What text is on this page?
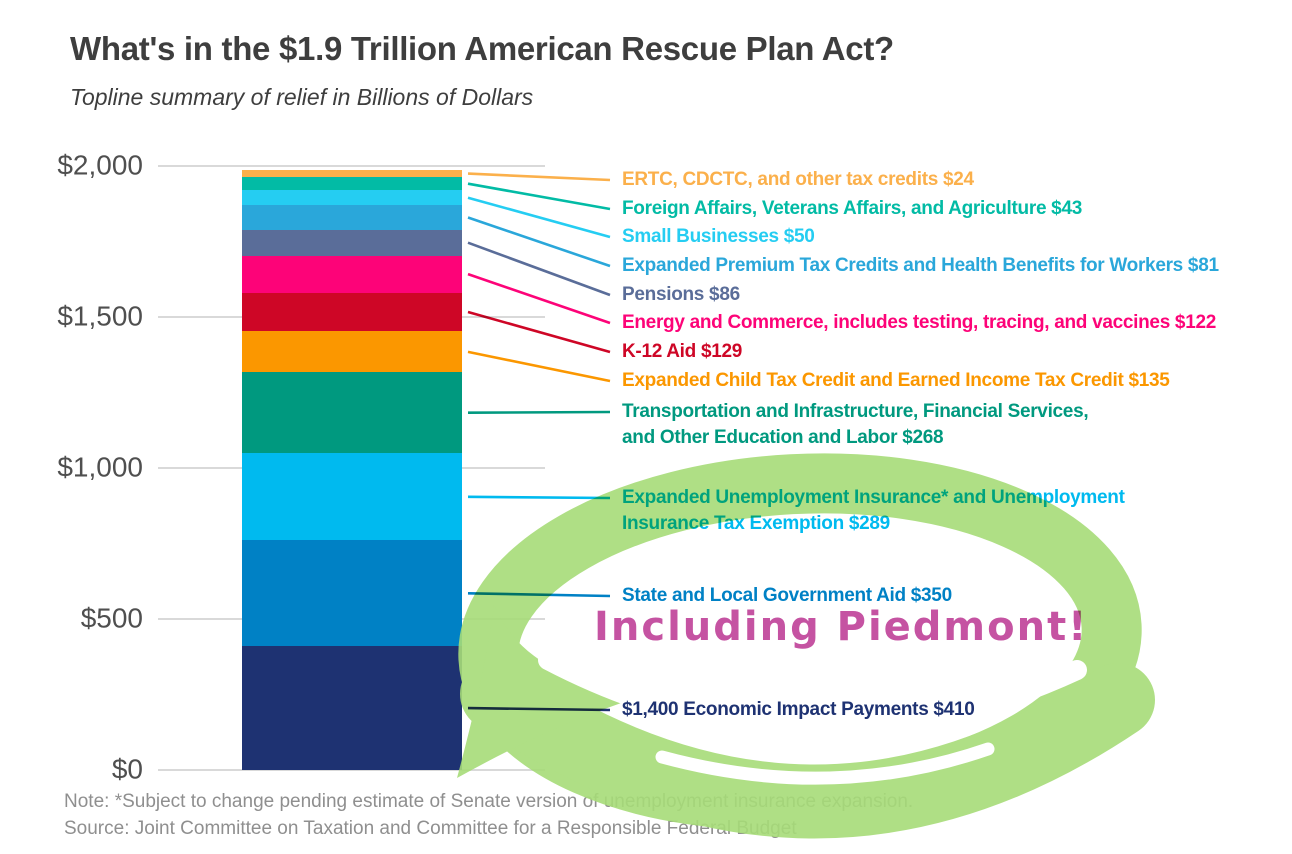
What's in the $1.9 Trillion American Rescue Plan Act?
Topline summary of relief in Billions of Dollars
$0
$500
$1,000
$1,500
$2,000	ERTC, CDCTC, and other tax credits $24
Foreign Affairs, Veterans Affairs, and Agriculture $43
Small Businesses $50
Expanded Premium Tax Credits and Health Benefits for Workers $81
Pensions $86
Energy and Commerce, includes testing, tracing, and vaccines $122
K-12 Aid $129
Expanded Child Tax Credit and Earned Income Tax Credit $135
Transportation and Infrastructure, Financial Services,
and Other Education and Labor $268
Expanded Unemployment Insurance* and Unemployment
Insurance Tax Exemption $289
State and Local Government Aid $350
$1,400 Economic Impact Payments $410
Including Piedmont!
Note: *Subject to change pending estimate of Senate version of unemployment insurance expansion.
Source: Joint Committee on Taxation and Committee for a Responsible Federal Budget
